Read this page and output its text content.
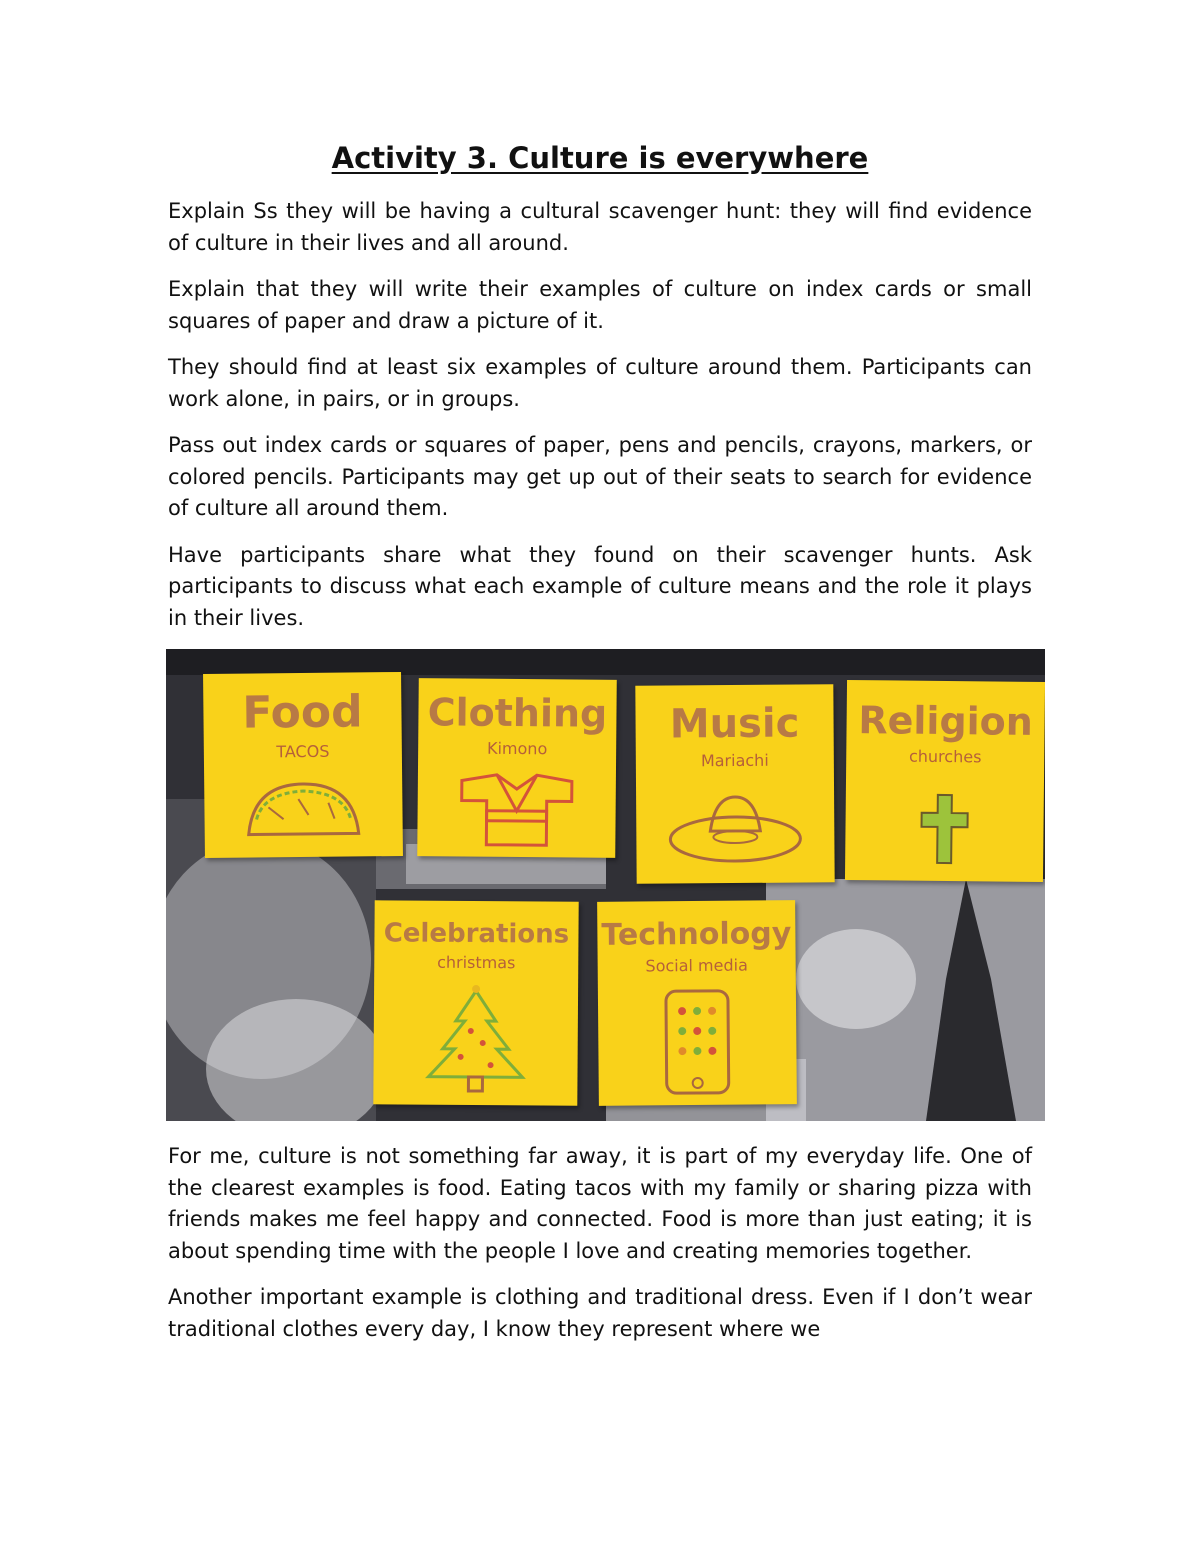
Activity 3. Culture is everywhere

Explain Ss they will be having a cultural scavenger hunt: they will find evidence of culture in their lives and all around.

Explain that they will write their examples of culture on index cards or small squares of paper and draw a picture of it.

They should find at least six examples of culture around them. Participants can work alone, in pairs, or in groups.

Pass out index cards or squares of paper, pens and pencils, crayons, markers, or colored pencils. Participants may get up out of their seats to search for evidence of culture all around them.

Have participants share what they found on their scavenger hunts. Ask participants to discuss what each example of culture means and the role it plays in their lives.

Food
TACOS
Clothing
Kimono
Music
Mariachi
Religion
churches
Celebrations
christmas
Technology
Social media

For me, culture is not something far away, it is part of my everyday life. One of the clearest examples is food. Eating tacos with my family or sharing pizza with friends makes me feel happy and connected. Food is more than just eating; it is about spending time with the people I love and creating memories together.

Another important example is clothing and traditional dress. Even if I don’t wear traditional clothes every day, I know they represent where we
